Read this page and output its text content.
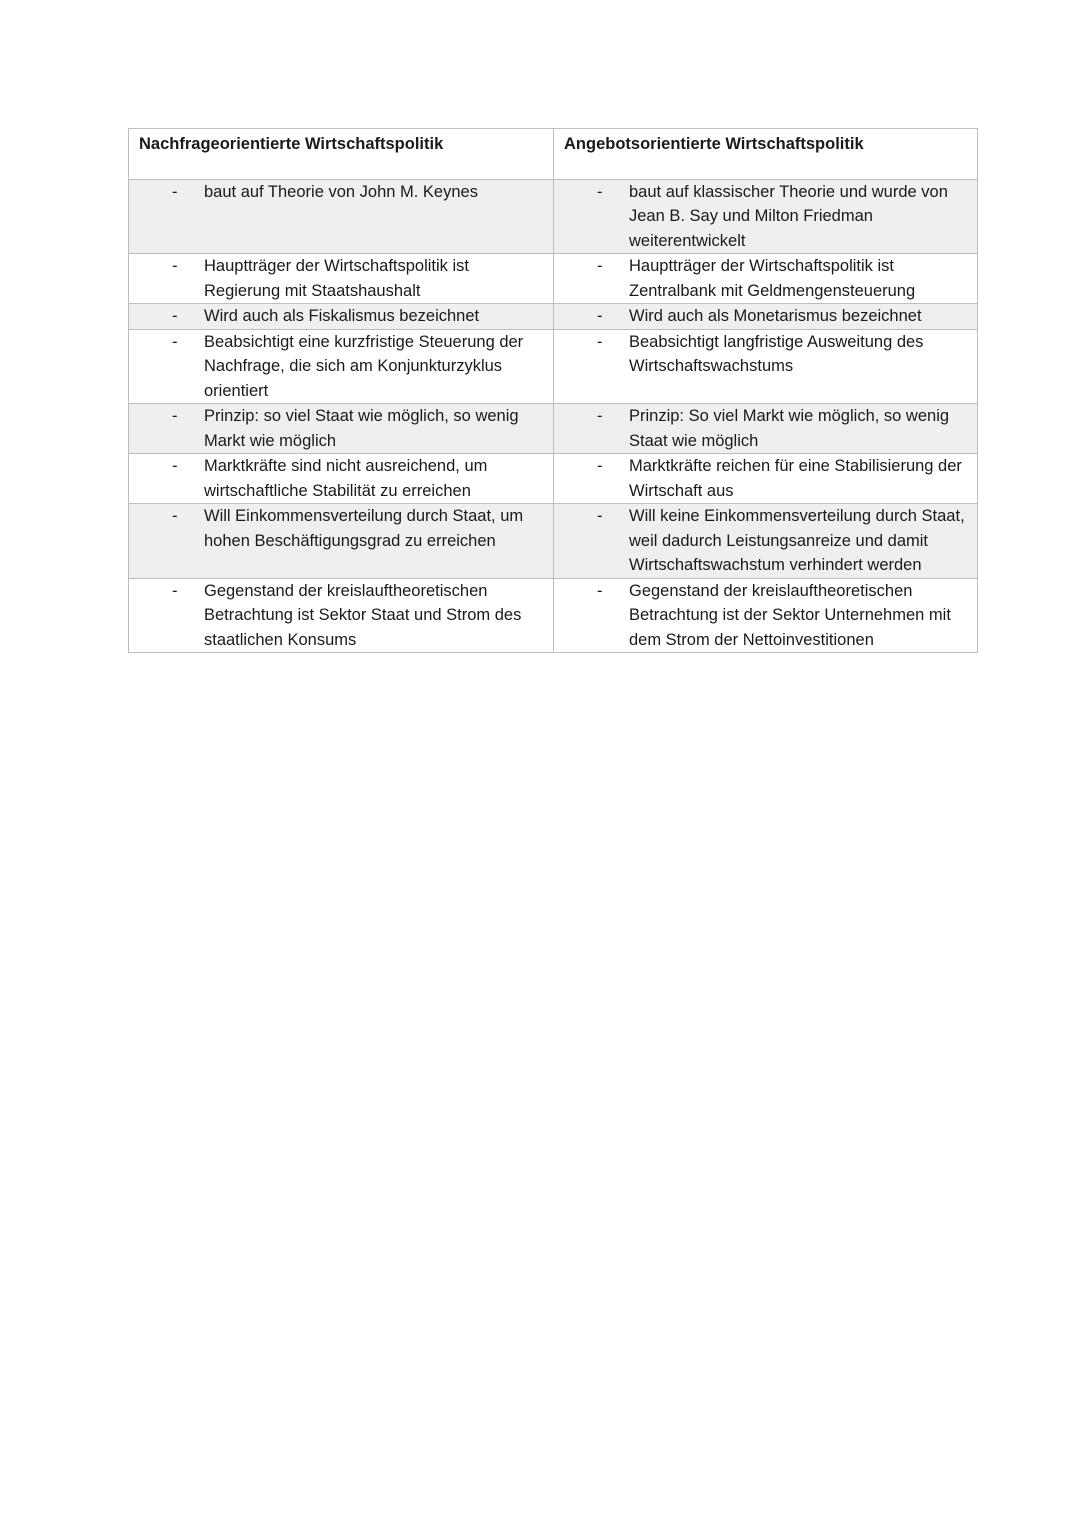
Nachfrageorientierte Wirtschaftspolitik	Angebotsorientierte Wirtschaftspolitik

- baut auf Theorie von John M. Keynes	- baut auf klassischer Theorie und wurde von Jean B. Say und Milton Friedman weiterentwickelt

- Hauptträger der Wirtschaftspolitik ist Regierung mit Staatshaushalt	- Hauptträger der Wirtschaftspolitik ist Zentralbank mit Geldmengensteuerung

- Wird auch als Fiskalismus bezeichnet	- Wird auch als Monetarismus bezeichnet

- Beabsichtigt eine kurzfristige Steuerung der Nachfrage, die sich am Konjunkturzyklus orientiert	- Beabsichtigt langfristige Ausweitung des Wirtschaftswachstums

- Prinzip: so viel Staat wie möglich, so wenig Markt wie möglich	- Prinzip: So viel Markt wie möglich, so wenig Staat wie möglich

- Marktkräfte sind nicht ausreichend, um wirtschaftliche Stabilität zu erreichen	- Marktkräfte reichen für eine Stabilisierung der Wirtschaft aus

- Will Einkommensverteilung durch Staat, um hohen Beschäftigungsgrad zu erreichen	- Will keine Einkommensverteilung durch Staat, weil dadurch Leistungsanreize und damit Wirtschaftswachstum verhindert werden

- Gegenstand der kreislauftheoretischen Betrachtung ist Sektor Staat und Strom des staatlichen Konsums	- Gegenstand der kreislauftheoretischen Betrachtung ist der Sektor Unternehmen mit dem Strom der Nettoinvestitionen
